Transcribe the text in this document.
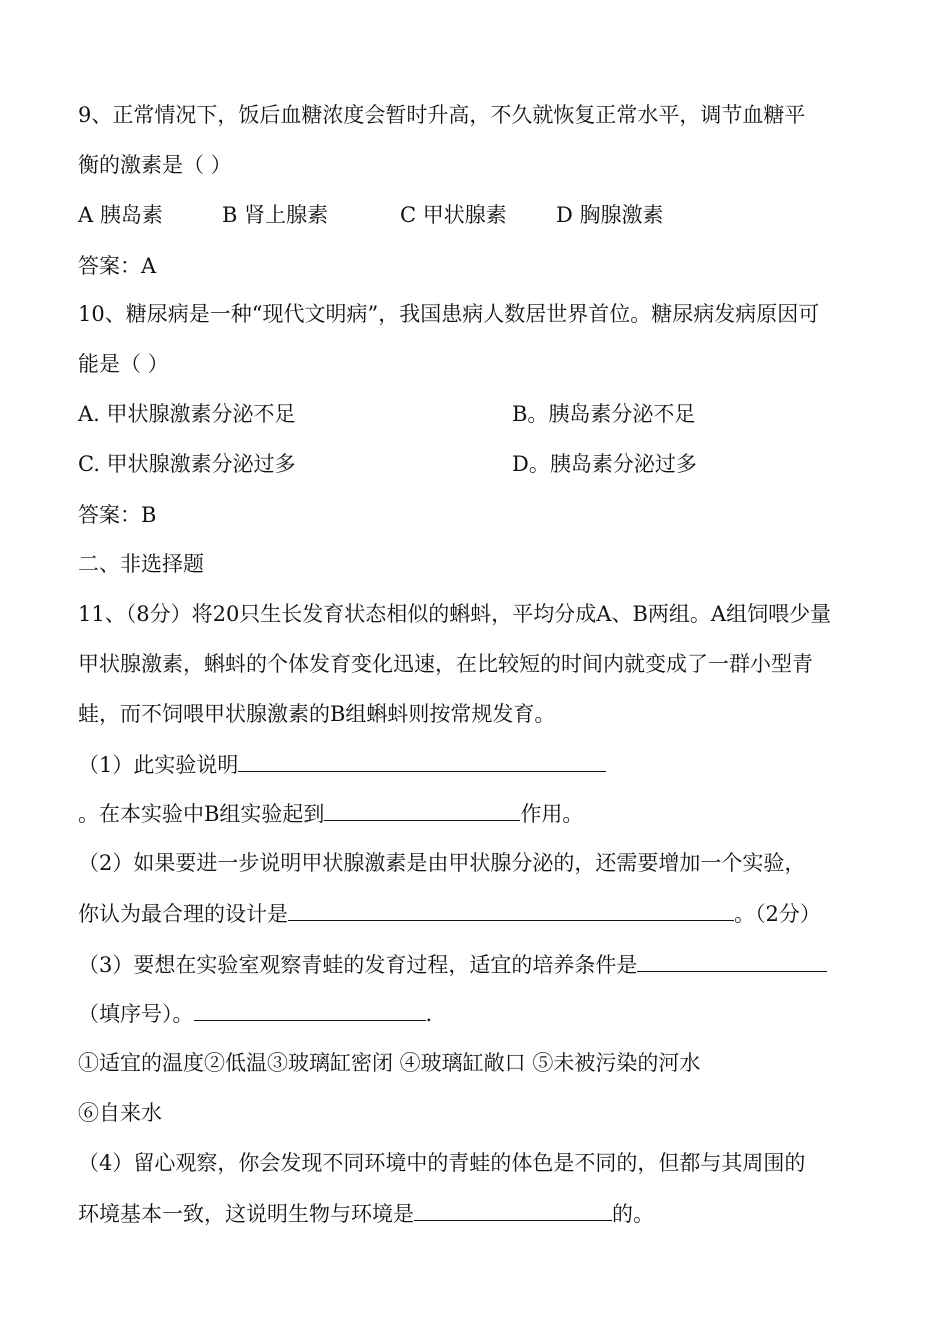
9、正常情况下，饭后血糖浓度会暂时升高，不久就恢复正常水平，调节血糖平
衡的激素是（ ）
A 胰岛素	B 肾上腺素	C 甲状腺素 D 胸腺激素
答案：A
10、糖尿病是一种“现代文明病”，我国患病人数居世界首位。糖尿病发病原因可
能是（ ）
A. 甲状腺激素分泌不足	B。胰岛素分泌不足
C. 甲状腺激素分泌过多	D。胰岛素分泌过多
答案：B
二、非选择题
11、（8分）将20只生长发育状态相似的蝌蚪，平均分成A、B两组。A组饲喂少量
甲状腺激素，蝌蚪的个体发育变化迅速，在比较短的时间内就变成了一群小型青
蛙，而不饲喂甲状腺激素的B组蝌蚪则按常规发育。
（1）此实验说明
。在本实验中B组实验起到	作用。
（2）如果要进一步说明甲状腺激素是由甲状腺分泌的，还需要增加一个实验，
你认为最合理的设计是	。（2分）
（3）要想在实验室观察青蛙的发育过程，适宜的培养条件是
（填序号）。	.
①适宜的温度②低温③玻璃缸密闭 ④玻璃缸敞口 ⑤未被污染的河水
⑥自来水
（4）留心观察，你会发现不同环境中的青蛙的体色是不同的，但都与其周围的
环境基本一致，这说明生物与环境是	的。
